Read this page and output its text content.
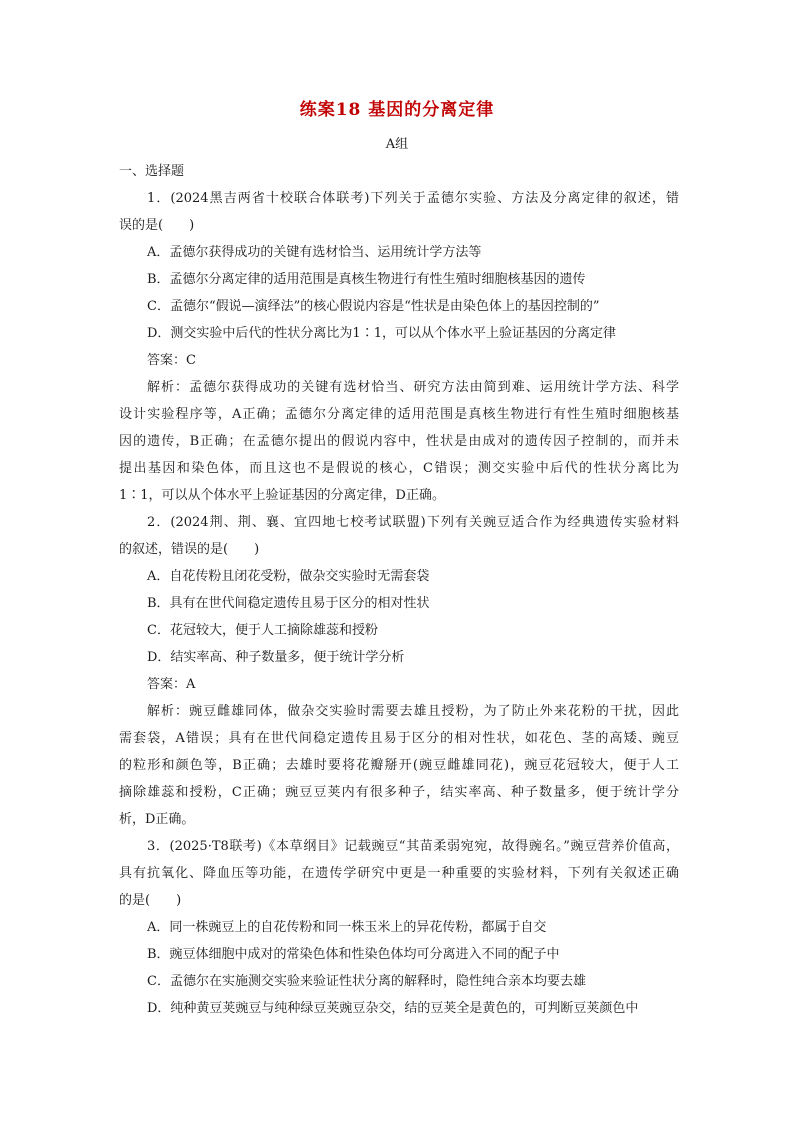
练案18 基因的分离定律
A组
一、选择题
1．(2024黑吉两省十校联合体联考)下列关于孟德尔实验、方法及分离定律的叙述，错
误的是(　　)
A．孟德尔获得成功的关键有选材恰当、运用统计学方法等
B．孟德尔分离定律的适用范围是真核生物进行有性生殖时细胞核基因的遗传
C．孟德尔“假说—演绎法”的核心假说内容是“性状是由染色体上的基因控制的”
D．测交实验中后代的性状分离比为1∶1，可以从个体水平上验证基因的分离定律
答案：C
解析：孟德尔获得成功的关键有选材恰当、研究方法由简到难、运用统计学方法、科学
设计实验程序等，A正确；孟德尔分离定律的适用范围是真核生物进行有性生殖时细胞核基
因的遗传，B正确；在孟德尔提出的假说内容中，性状是由成对的遗传因子控制的，而并未
提出基因和染色体，而且这也不是假说的核心，C错误；测交实验中后代的性状分离比为
1∶1，可以从个体水平上验证基因的分离定律，D正确。
2．(2024荆、荆、襄、宜四地七校考试联盟)下列有关豌豆适合作为经典遗传实验材料
的叙述，错误的是(　　)
A．自花传粉且闭花受粉，做杂交实验时无需套袋
B．具有在世代间稳定遗传且易于区分的相对性状
C．花冠较大，便于人工摘除雄蕊和授粉
D．结实率高、种子数量多，便于统计学分析
答案：A
解析：豌豆雌雄同体，做杂交实验时需要去雄且授粉，为了防止外来花粉的干扰，因此
需套袋，A错误；具有在世代间稳定遗传且易于区分的相对性状，如花色、茎的高矮、豌豆
的粒形和颜色等，B正确；去雄时要将花瓣掰开(豌豆雌雄同花)，豌豆花冠较大，便于人工
摘除雄蕊和授粉，C正确；豌豆豆荚内有很多种子，结实率高、种子数量多，便于统计学分
析，D正确。
3．(2025·T8联考)《本草纲目》记载豌豆“其苗柔弱宛宛，故得豌名。”豌豆营养价值高，
具有抗氧化、降血压等功能，在遗传学研究中更是一种重要的实验材料，下列有关叙述正确
的是(　　)
A．同一株豌豆上的自花传粉和同一株玉米上的异花传粉，都属于自交
B．豌豆体细胞中成对的常染色体和性染色体均可分离进入不同的配子中
C．孟德尔在实施测交实验来验证性状分离的解释时，隐性纯合亲本均要去雄
D．纯种黄豆荚豌豆与纯种绿豆荚豌豆杂交，结的豆荚全是黄色的，可判断豆荚颜色中
